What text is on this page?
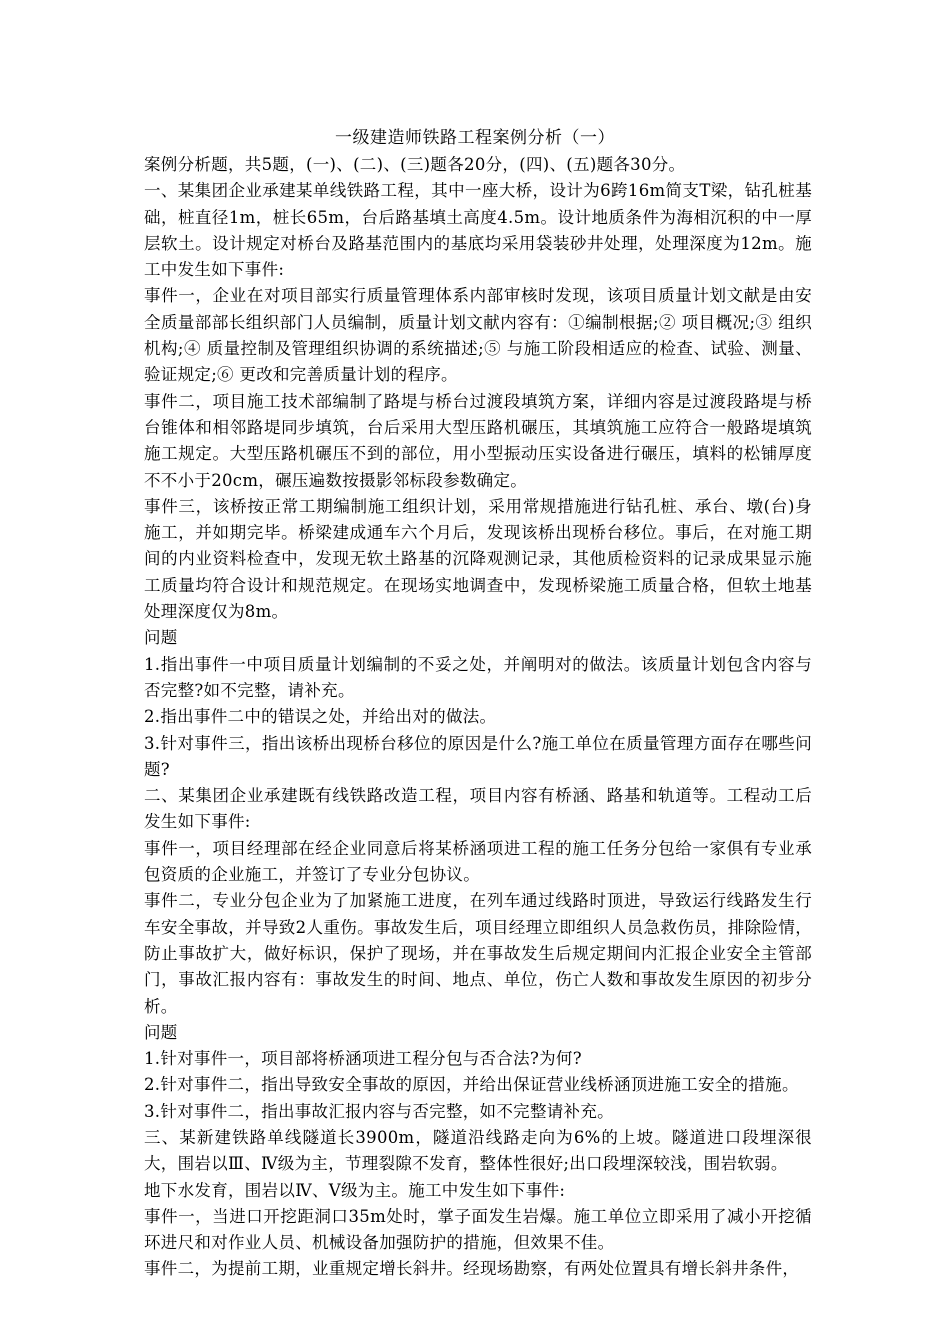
一级建造师铁路工程案例分析（一）

案例分析题，共5题，(一)、(二)、(三)题各20分，(四)、(五)题各30分。

一、某集团企业承建某单线铁路工程，其中一座大桥，设计为6跨16m简支T梁，钻孔桩基础，桩直径1m，桩长65m，台后路基填土高度4.5m。设计地质条件为海相沉积的中一厚层软土。设计规定对桥台及路基范围内的基底均采用袋装砂井处理，处理深度为12m。施工中发生如下事件:

事件一，企业在对项目部实行质量管理体系内部审核时发现，该项目质量计划文献是由安全质量部部长组织部门人员编制，质量计划文献内容有：①编制根据;② 项目概况;③ 组织机构;④ 质量控制及管理组织协调的系统描述;⑤ 与施工阶段相适应的检查、试验、测量、验证规定;⑥ 更改和完善质量计划的程序。

事件二，项目施工技术部编制了路堤与桥台过渡段填筑方案，详细内容是过渡段路堤与桥台锥体和相邻路堤同步填筑，台后采用大型压路机碾压，其填筑施工应符合一般路堤填筑施工规定。大型压路机碾压不到的部位，用小型振动压实设备进行碾压，填料的松铺厚度不不小于20cm，碾压遍数按摄影邻标段参数确定。

事件三，该桥按正常工期编制施工组织计划，采用常规措施进行钻孔桩、承台、墩(台)身施工，并如期完毕。桥梁建成通车六个月后，发现该桥出现桥台移位。事后，在对施工期间的内业资料检查中，发现无软土路基的沉降观测记录，其他质检资料的记录成果显示施工质量均符合设计和规范规定。在现场实地调查中，发现桥梁施工质量合格，但软土地基处理深度仅为8m。

问题

1.指出事件一中项目质量计划编制的不妥之处，并阐明对的做法。该质量计划包含内容与否完整?如不完整，请补充。

2.指出事件二中的错误之处，并给出对的做法。

3.针对事件三，指出该桥出现桥台移位的原因是什么?施工单位在质量管理方面存在哪些问题?

二、某集团企业承建既有线铁路改造工程，项目内容有桥涵、路基和轨道等。工程动工后发生如下事件:

事件一，项目经理部在经企业同意后将某桥涵项进工程的施工任务分包给一家俱有专业承包资质的企业施工，并签订了专业分包协议。

事件二，专业分包企业为了加紧施工进度，在列车通过线路时顶进，导致运行线路发生行车安全事故，并导致2人重伤。事故发生后，项目经理立即组织人员急救伤员，排除险情，防止事故扩大，做好标识，保护了现场，并在事故发生后规定期间内汇报企业安全主管部门，事故汇报内容有：事故发生的时间、地点、单位，伤亡人数和事故发生原因的初步分析。

问题

1.针对事件一，项目部将桥涵项进工程分包与否合法?为何?

2.针对事件二，指出导致安全事故的原因，并给出保证营业线桥涵顶进施工安全的措施。

3.针对事件二，指出事故汇报内容与否完整，如不完整请补充。

三、某新建铁路单线隧道长3900m，隧道沿线路走向为6%的上坡。隧道进口段埋深很大，围岩以Ⅲ、Ⅳ级为主，节理裂隙不发育，整体性很好;出口段埋深较浅，围岩软弱。

地下水发育，围岩以Ⅳ、Ⅴ级为主。施工中发生如下事件:

事件一，当进口开挖距洞口35m处时，掌子面发生岩爆。施工单位立即采用了减小开挖循环进尺和对作业人员、机械设备加强防护的措施，但效果不佳。

事件二，为提前工期，业重规定增长斜井。经现场勘察，有两处位置具有增长斜井条件，
